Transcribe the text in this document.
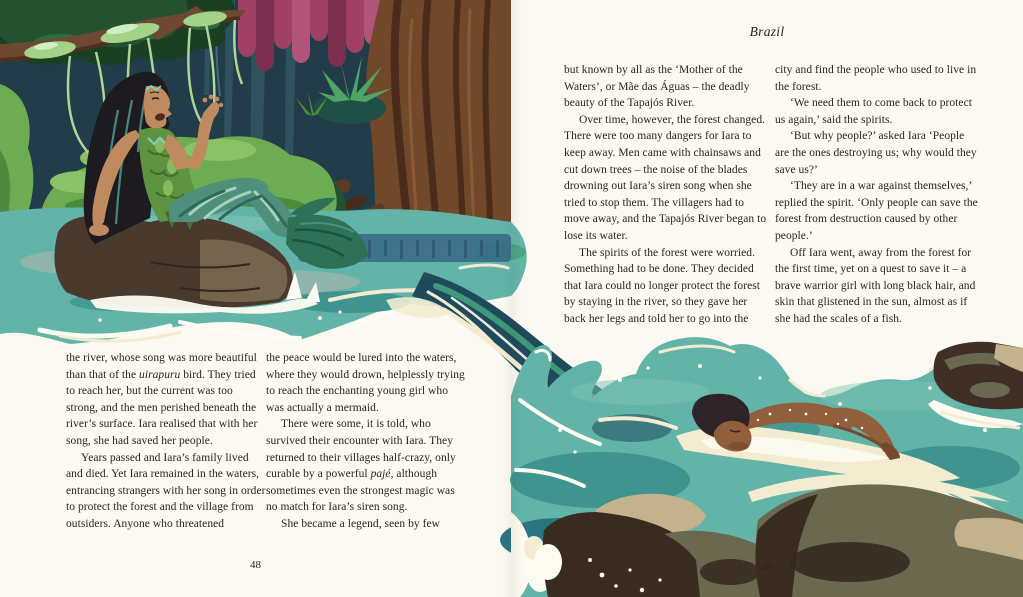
Brazil

but known by all as the ‘Mother of the Waters’, or Mãe das Águas – the deadly beauty of the Tapajós River.

Over time, however, the forest changed. There were too many dangers for Iara to keep away. Men came with chainsaws and cut down trees – the noise of the blades drowning out Iara’s siren song when she tried to stop them. The villagers had to move away, and the Tapajós River began to lose its water.

The spirits of the forest were worried. Something had to be done. They decided that Iara could no longer protect the forest by staying in the river, so they gave her back her legs and told her to go into the

city and find the people who used to live in the forest.

‘We need them to come back to protect us again,’ said the spirits.

‘But why people?’ asked Iara ‘People are the ones destroying us; why would they save us?’

‘They are in a war against themselves,’ replied the spirit. ‘Only people can save the forest from destruction caused by other people.’

Off Iara went, away from the forest for the first time, yet on a quest to save it – a brave warrior girl with long black hair, and skin that glistened in the sun, almost as if she had the scales of a fish.

the river, whose song was more beautiful than that of the uirapuru bird. They tried to reach her, but the current was too strong, and the men perished beneath the river’s surface. Iara realised that with her song, she had saved her people.

Years passed and Iara’s family lived and died. Yet Iara remained in the waters, entrancing strangers with her song in order to protect the forest and the village from outsiders. Anyone who threatened

the peace would be lured into the waters, where they would drown, helplessly trying to reach the enchanting young girl who was actually a mermaid.

There were some, it is told, who survived their encounter with Iara. They returned to their villages half-crazy, only curable by a powerful pajé, although sometimes even the strongest magic was no match for Iara’s siren song.

She became a legend, seen by few

48	49
